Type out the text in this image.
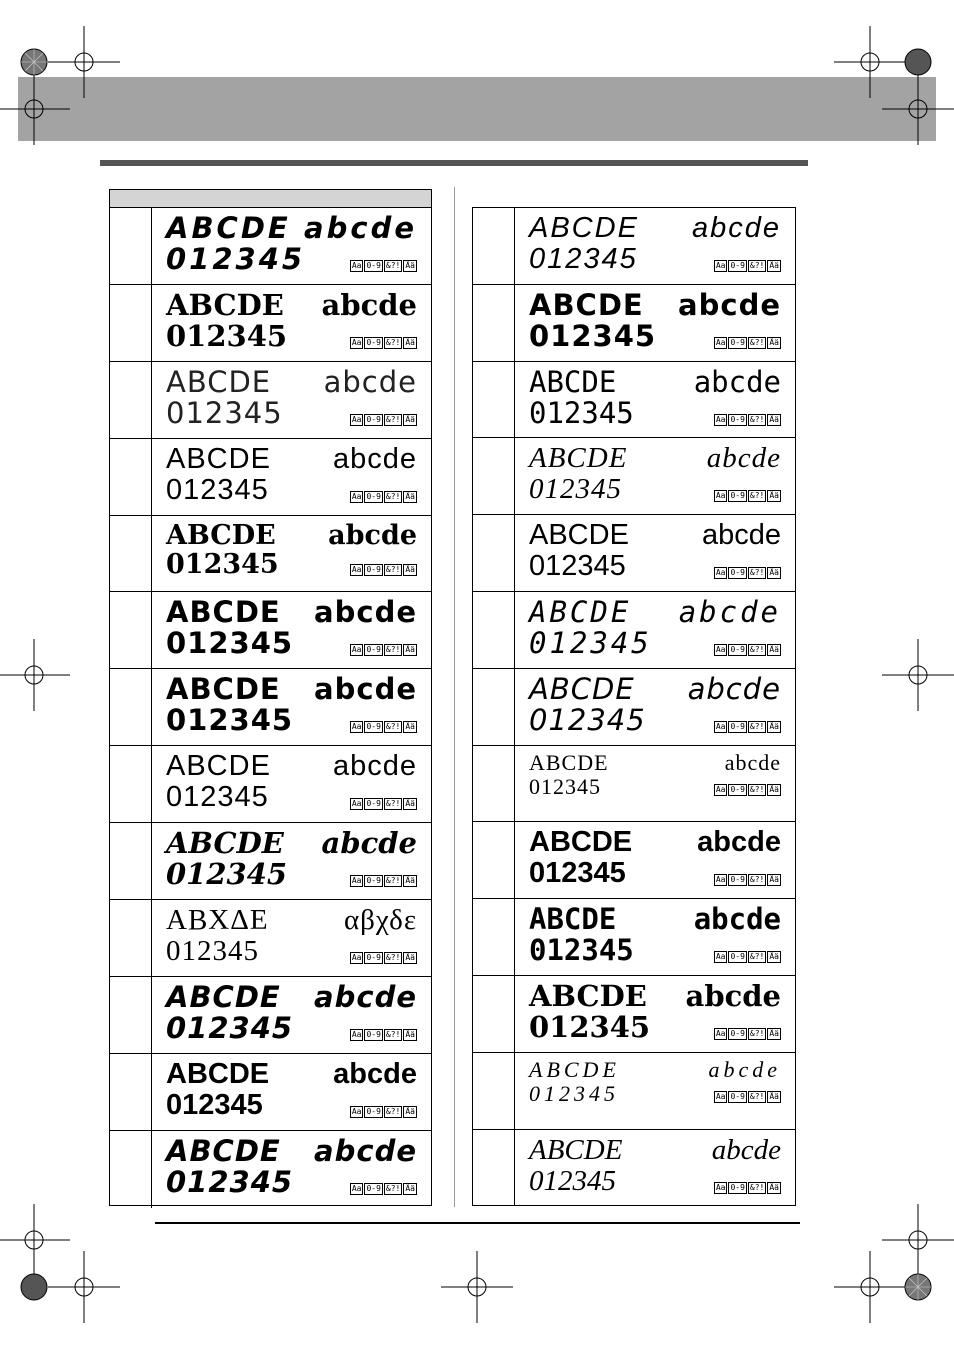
ABCDE abcde
012345	Aa 0-9 &?! Ää
ABCDE abcde
012345	Aa 0-9 &?! Ää
ABCDE abcde
012345	Aa 0-9 &?! Ää
ABCDE abcde
012345	Aa 0-9 &?! Ää
ABCDE abcde
012345	Aa 0-9 &?! Ää
ABCDE abcde
012345	Aa 0-9 &?! Ää
ABCDE abcde
012345	Aa 0-9 &?! Ää
ABCDE abcde
012345	Aa 0-9 &?! Ää
ABCDE abcde
012345	Aa 0-9 &?! Ää
ΑΒΧΔΕ	αβχδε
012345	Aa 0-9 &?! Ää
ABCDE abcde
012345	Aa 0-9 &?! Ää
ABCDE abcde
012345	Aa 0-9 &?! Ää
ABCDE abcde
012345	Aa 0-9 &?! Ää
ABCDE abcde
012345	Aa 0-9 &?! Ää
ABCDE abcde
012345	Aa 0-9 &?! Ää
ABCDE	abcde
012345	Aa 0-9 &?! Ää
ABCDE	abcde
012345	Aa 0-9 &?! Ää
ABCDE	abcde
012345	Aa 0-9 &?! Ää
ABCDE abcde
012345	Aa 0-9 &?! Ää
ABCDE abcde
012345	Aa 0-9 &?! Ää
ABCDE	abcde
012345	Aa 0-9 &?! Ää
ABCDE abcde
012345	Aa 0-9 &?! Ää
ABCDE	abcde
012345	Aa 0-9 &?! Ää
ABCDE abcde
012345	Aa 0-9 &?! Ää
ABCDE	abcde
012345	Aa 0-9 &?! Ää
ABCDE	abcde
012345	Aa 0-9 &?! Ää
